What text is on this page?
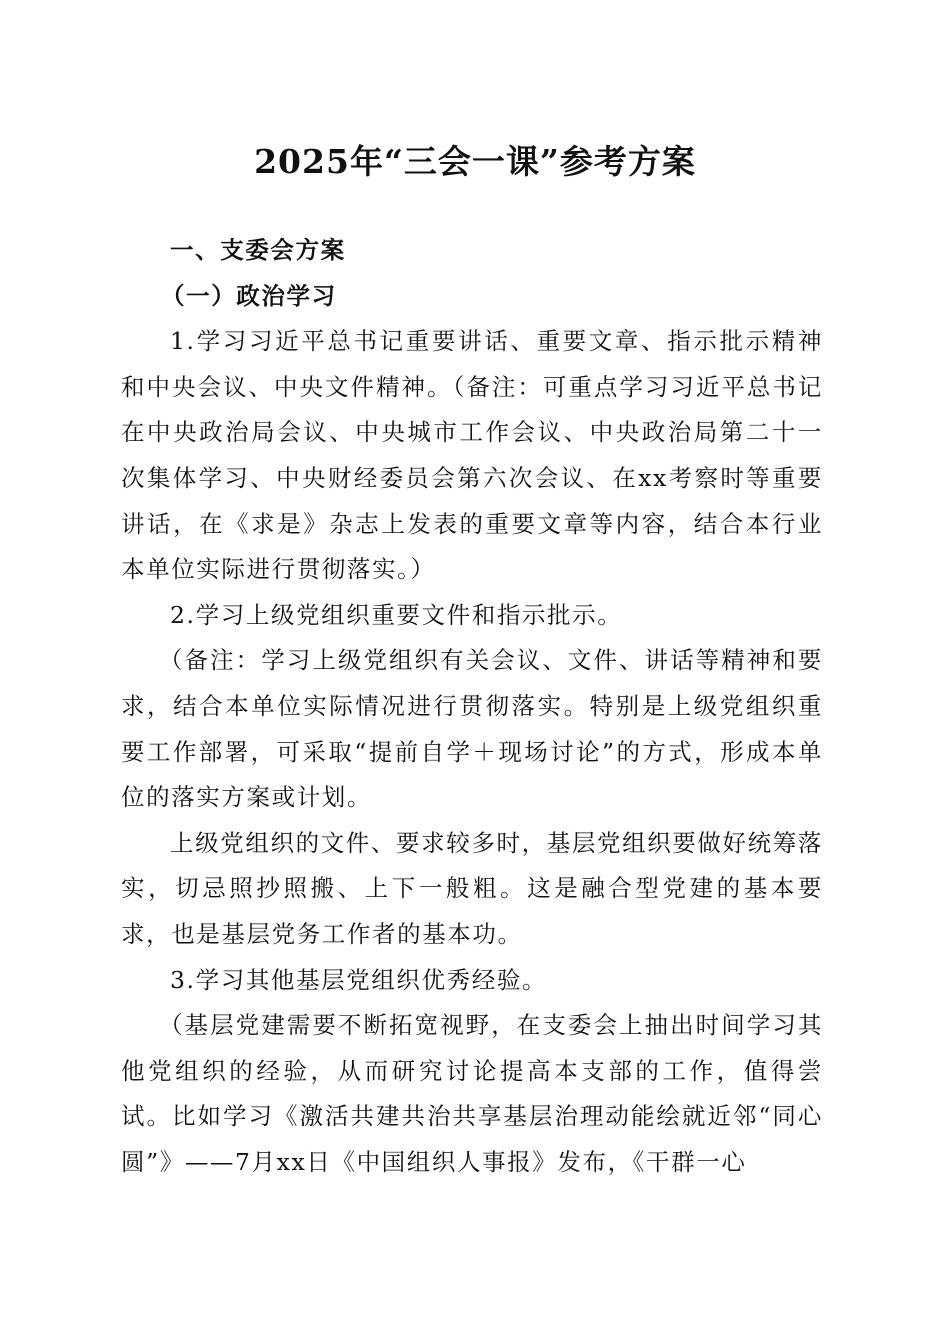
2025年“三会一课”参考方案

一、支委会方案

（一）政治学习

1.学习习近平总书记重要讲话、重要文章、指示批示精神和中央会议、中央文件精神。（备注：可重点学习习近平总书记在中央政治局会议、中央城市工作会议、中央政治局第二十一次集体学习、中央财经委员会第六次会议、在xx考察时等重要讲话，在《求是》杂志上发表的重要文章等内容，结合本行业本单位实际进行贯彻落实。）

2.学习上级党组织重要文件和指示批示。

（备注：学习上级党组织有关会议、文件、讲话等精神和要求，结合本单位实际情况进行贯彻落实。特别是上级党组织重要工作部署，可采取“提前自学＋现场讨论”的方式，形成本单位的落实方案或计划。

上级党组织的文件、要求较多时，基层党组织要做好统筹落实，切忌照抄照搬、上下一般粗。这是融合型党建的基本要求，也是基层党务工作者的基本功。

3.学习其他基层党组织优秀经验。

（基层党建需要不断拓宽视野，在支委会上抽出时间学习其他党组织的经验，从而研究讨论提高本支部的工作，值得尝试。比如学习《激活共建共治共享基层治理动能绘就近邻“同心圆”》——7月xx日《中国组织人事报》发布，《干群一心
